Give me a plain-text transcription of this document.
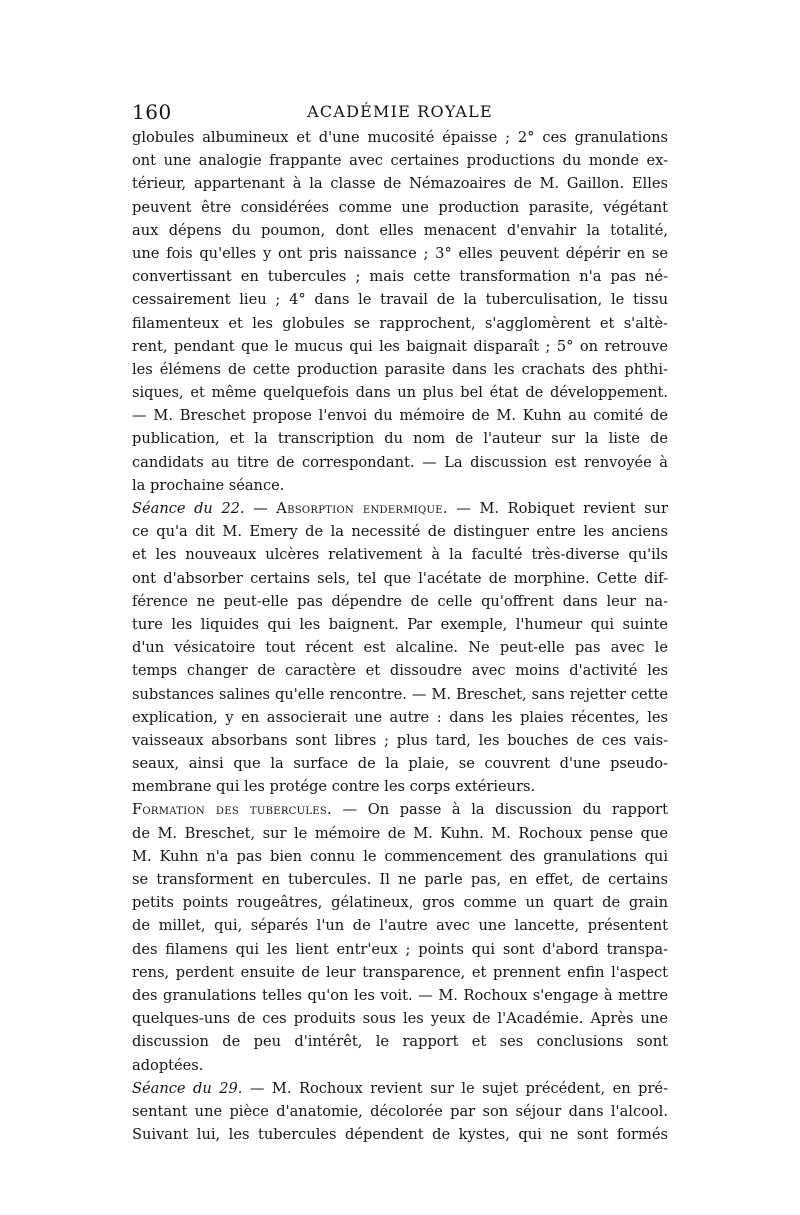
160	ACADÉMIE ROYALE
globules albumineux et d'une mucosité épaisse ; 2° ces granulations
ont une analogie frappante avec certaines productions du monde ex-
térieur, appartenant à la classe de Némazoaires de M. Gaillon. Elles
peuvent être considérées comme une production parasite, végétant
aux dépens du poumon, dont elles menacent d'envahir la totalité,
une fois qu'elles y ont pris naissance ; 3° elles peuvent dépérir en se
convertissant en tubercules ; mais cette transformation n'a pas né-
cessairement lieu ; 4° dans le travail de la tuberculisation, le tissu
filamenteux et les globules se rapprochent, s'agglomèrent et s'altè-
rent, pendant que le mucus qui les baignait disparaît ; 5° on retrouve
les élémens de cette production parasite dans les crachats des phthi-
siques, et même quelquefois dans un plus bel état de développement.
— M. Breschet propose l'envoi du mémoire de M. Kuhn au comité de
publication, et la transcription du nom de l'auteur sur la liste de
candidats au titre de correspondant. — La discussion est renvoyée à
la prochaine séance.
Séance du 22. — Absorption endermique. — M. Robiquet revient sur
ce qu'a dit M. Emery de la necessité de distinguer entre les anciens
et les nouveaux ulcères relativement à la faculté très-diverse qu'ils
ont d'absorber certains sels, tel que l'acétate de morphine. Cette dif-
férence ne peut-elle pas dépendre de celle qu'offrent dans leur na-
ture les liquides qui les baignent. Par exemple, l'humeur qui suinte
d'un vésicatoire tout récent est alcaline. Ne peut-elle pas avec le
temps changer de caractère et dissoudre avec moins d'activité les
substances salines qu'elle rencontre. — M. Breschet, sans rejetter cette
explication, y en associerait une autre : dans les plaies récentes, les
vaisseaux absorbans sont libres ; plus tard, les bouches de ces vais-
seaux, ainsi que la surface de la plaie, se couvrent d'une pseudo-
membrane qui les protége contre les corps extérieurs.
Formation des tubercules. — On passe à la discussion du rapport
de M. Breschet, sur le mémoire de M. Kuhn. M. Rochoux pense que
M. Kuhn n'a pas bien connu le commencement des granulations qui
se transforment en tubercules. Il ne parle pas, en effet, de certains
petits points rougeâtres, gélatineux, gros comme un quart de grain
de millet, qui, séparés l'un de l'autre avec une lancette, présentent
des filamens qui les lient entr'eux ; points qui sont d'abord transpa-
rens, perdent ensuite de leur transparence, et prennent enfin l'aspect
des granulations telles qu'on les voit. — M. Rochoux s'engage à mettre
quelques-uns de ces produits sous les yeux de l'Académie. Après une
discussion de peu d'intérêt, le rapport et ses conclusions sont
adoptées.
Séance du 29. — M. Rochoux revient sur le sujet précédent, en pré-
sentant une pièce d'anatomie, décolorée par son séjour dans l'alcool.
Suivant lui, les tubercules dépendent de kystes, qui ne sont formés
